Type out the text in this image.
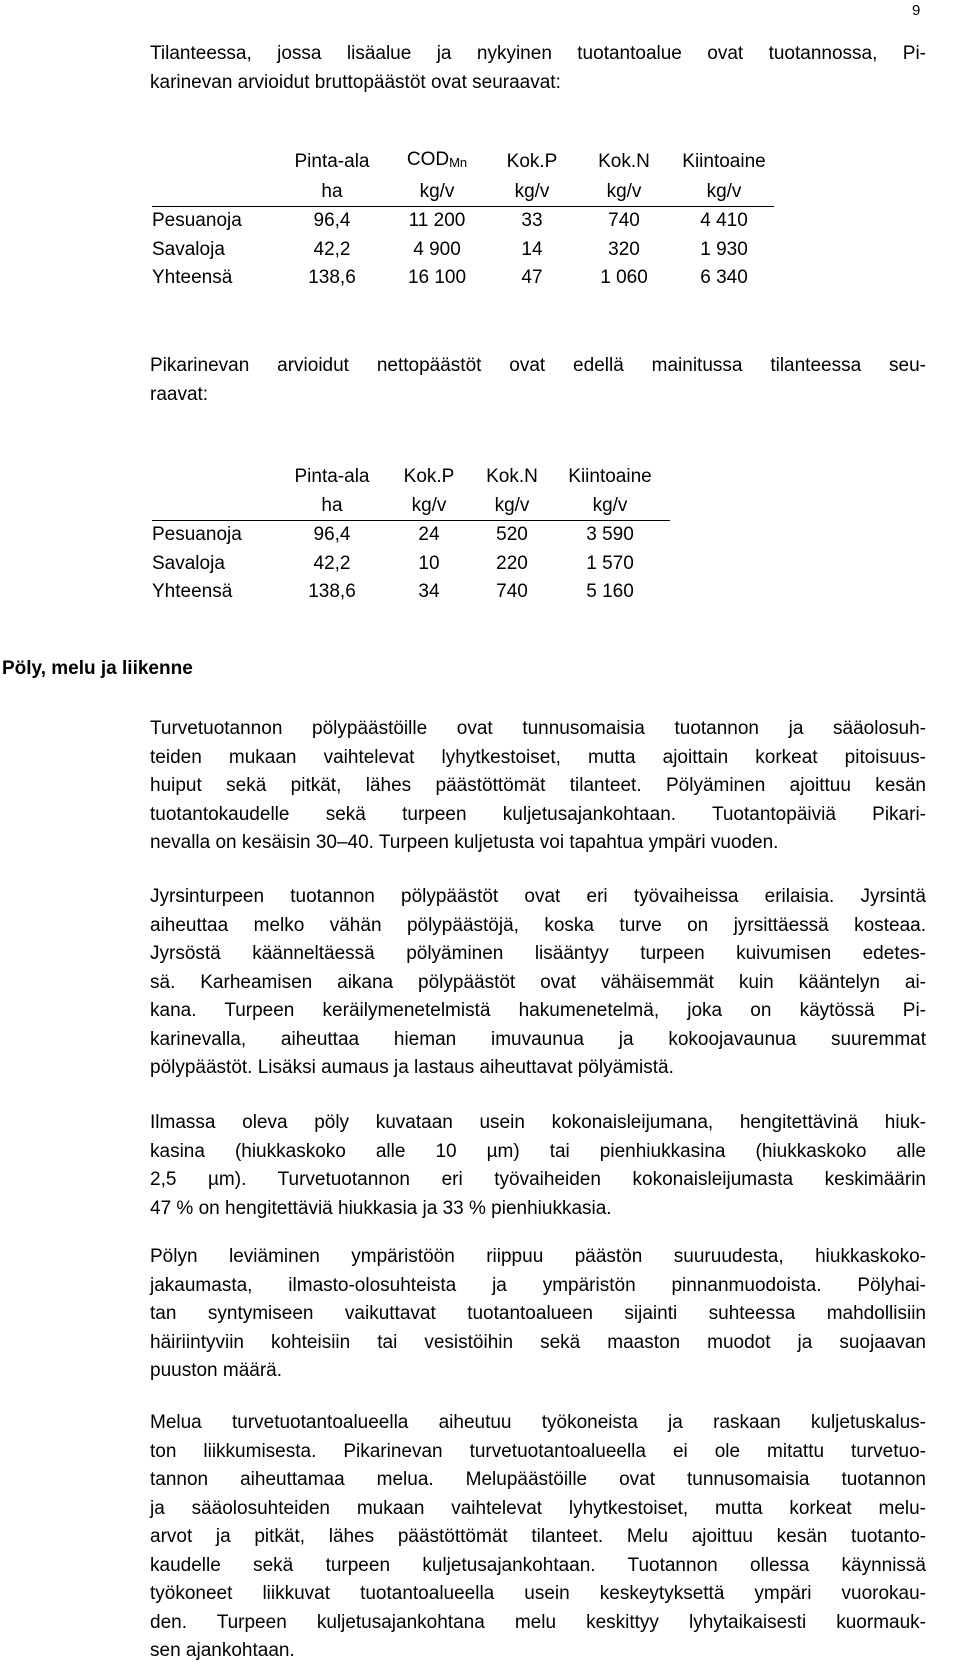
9
Tilanteessa, jossa lisäalue ja nykyinen tuotantoalue ovat tuotannossa, Pi-
karinevan arvioidut bruttopäästöt ovat seuraavat:
	Pinta-ala	$COD_{Mn}$	Kok.P	Kok.N	Kiintoaine
	ha	kg/v	kg/v	kg/v	kg/v
Pesuanoja	96,4	11 200	33	740	4 410
Savaloja	42,2	4 900	14	320	1 930
Yhteensä	138,6	16 100	47	1 060	6 340
Pikarinevan arvioidut nettopäästöt ovat edellä mainitussa tilanteessa seu-
raavat:
	Pinta-ala	Kok.P	Kok.N	Kiintoaine
	ha	kg/v	kg/v	kg/v
Pesuanoja	96,4	24	520	3 590
Savaloja	42,2	10	220	1 570
Yhteensä	138,6	34	740	5 160
Pöly, melu ja liikenne
Turvetuotannon pölypäästöille ovat tunnusomaisia tuotannon ja sääolosuh-
teiden mukaan vaihtelevat lyhytkestoiset, mutta ajoittain korkeat pitoisuus-
huiput sekä pitkät, lähes päästöttömät tilanteet. Pölyäminen ajoittuu kesän
tuotantokaudelle sekä turpeen kuljetusajankohtaan. Tuotantopäiviä Pikari-
nevalla on kesäisin 30–40. Turpeen kuljetusta voi tapahtua ympäri vuoden.
Jyrsinturpeen tuotannon pölypäästöt ovat eri työvaiheissa erilaisia. Jyrsintä
aiheuttaa melko vähän pölypäästöjä, koska turve on jyrsittäessä kosteaa.
Jyrsöstä käänneltäessä pölyäminen lisääntyy turpeen kuivumisen edetes-
sä. Karheamisen aikana pölypäästöt ovat vähäisemmät kuin kääntelyn ai-
kana. Turpeen keräilymenetelmistä hakumenetelmä, joka on käytössä Pi-
karinevalla, aiheuttaa hieman imuvaunua ja kokoojavaunua suuremmat
pölypäästöt. Lisäksi aumaus ja lastaus aiheuttavat pölyämistä.
Ilmassa oleva pöly kuvataan usein kokonaisleijumana, hengitettävinä hiuk-
kasina (hiukkaskoko alle 10 µm) tai pienhiukkasina (hiukkaskoko alle
2,5 µm). Turvetuotannon eri työvaiheiden kokonaisleijumasta keskimäärin
47 % on hengitettäviä hiukkasia ja 33 % pienhiukkasia.
Pölyn leviäminen ympäristöön riippuu päästön suuruudesta, hiukkaskoko-
jakaumasta, ilmasto-olosuhteista ja ympäristön pinnanmuodoista. Pölyhai-
tan syntymiseen vaikuttavat tuotantoalueen sijainti suhteessa mahdollisiin
häiriintyviin kohteisiin tai vesistöihin sekä maaston muodot ja suojaavan
puuston määrä.
Melua turvetuotantoalueella aiheutuu työkoneista ja raskaan kuljetuskalus-
ton liikkumisesta. Pikarinevan turvetuotantoalueella ei ole mitattu turvetuo-
tannon aiheuttamaa melua. Melupäästöille ovat tunnusomaisia tuotannon
ja sääolosuhteiden mukaan vaihtelevat lyhytkestoiset, mutta korkeat melu-
arvot ja pitkät, lähes päästöttömät tilanteet. Melu ajoittuu kesän tuotanto-
kaudelle sekä turpeen kuljetusajankohtaan. Tuotannon ollessa käynnissä
työkoneet liikkuvat tuotantoalueella usein keskeytyksettä ympäri vuorokau-
den. Turpeen kuljetusajankohtana melu keskittyy lyhytaikaisesti kuormauk-
sen ajankohtaan.
